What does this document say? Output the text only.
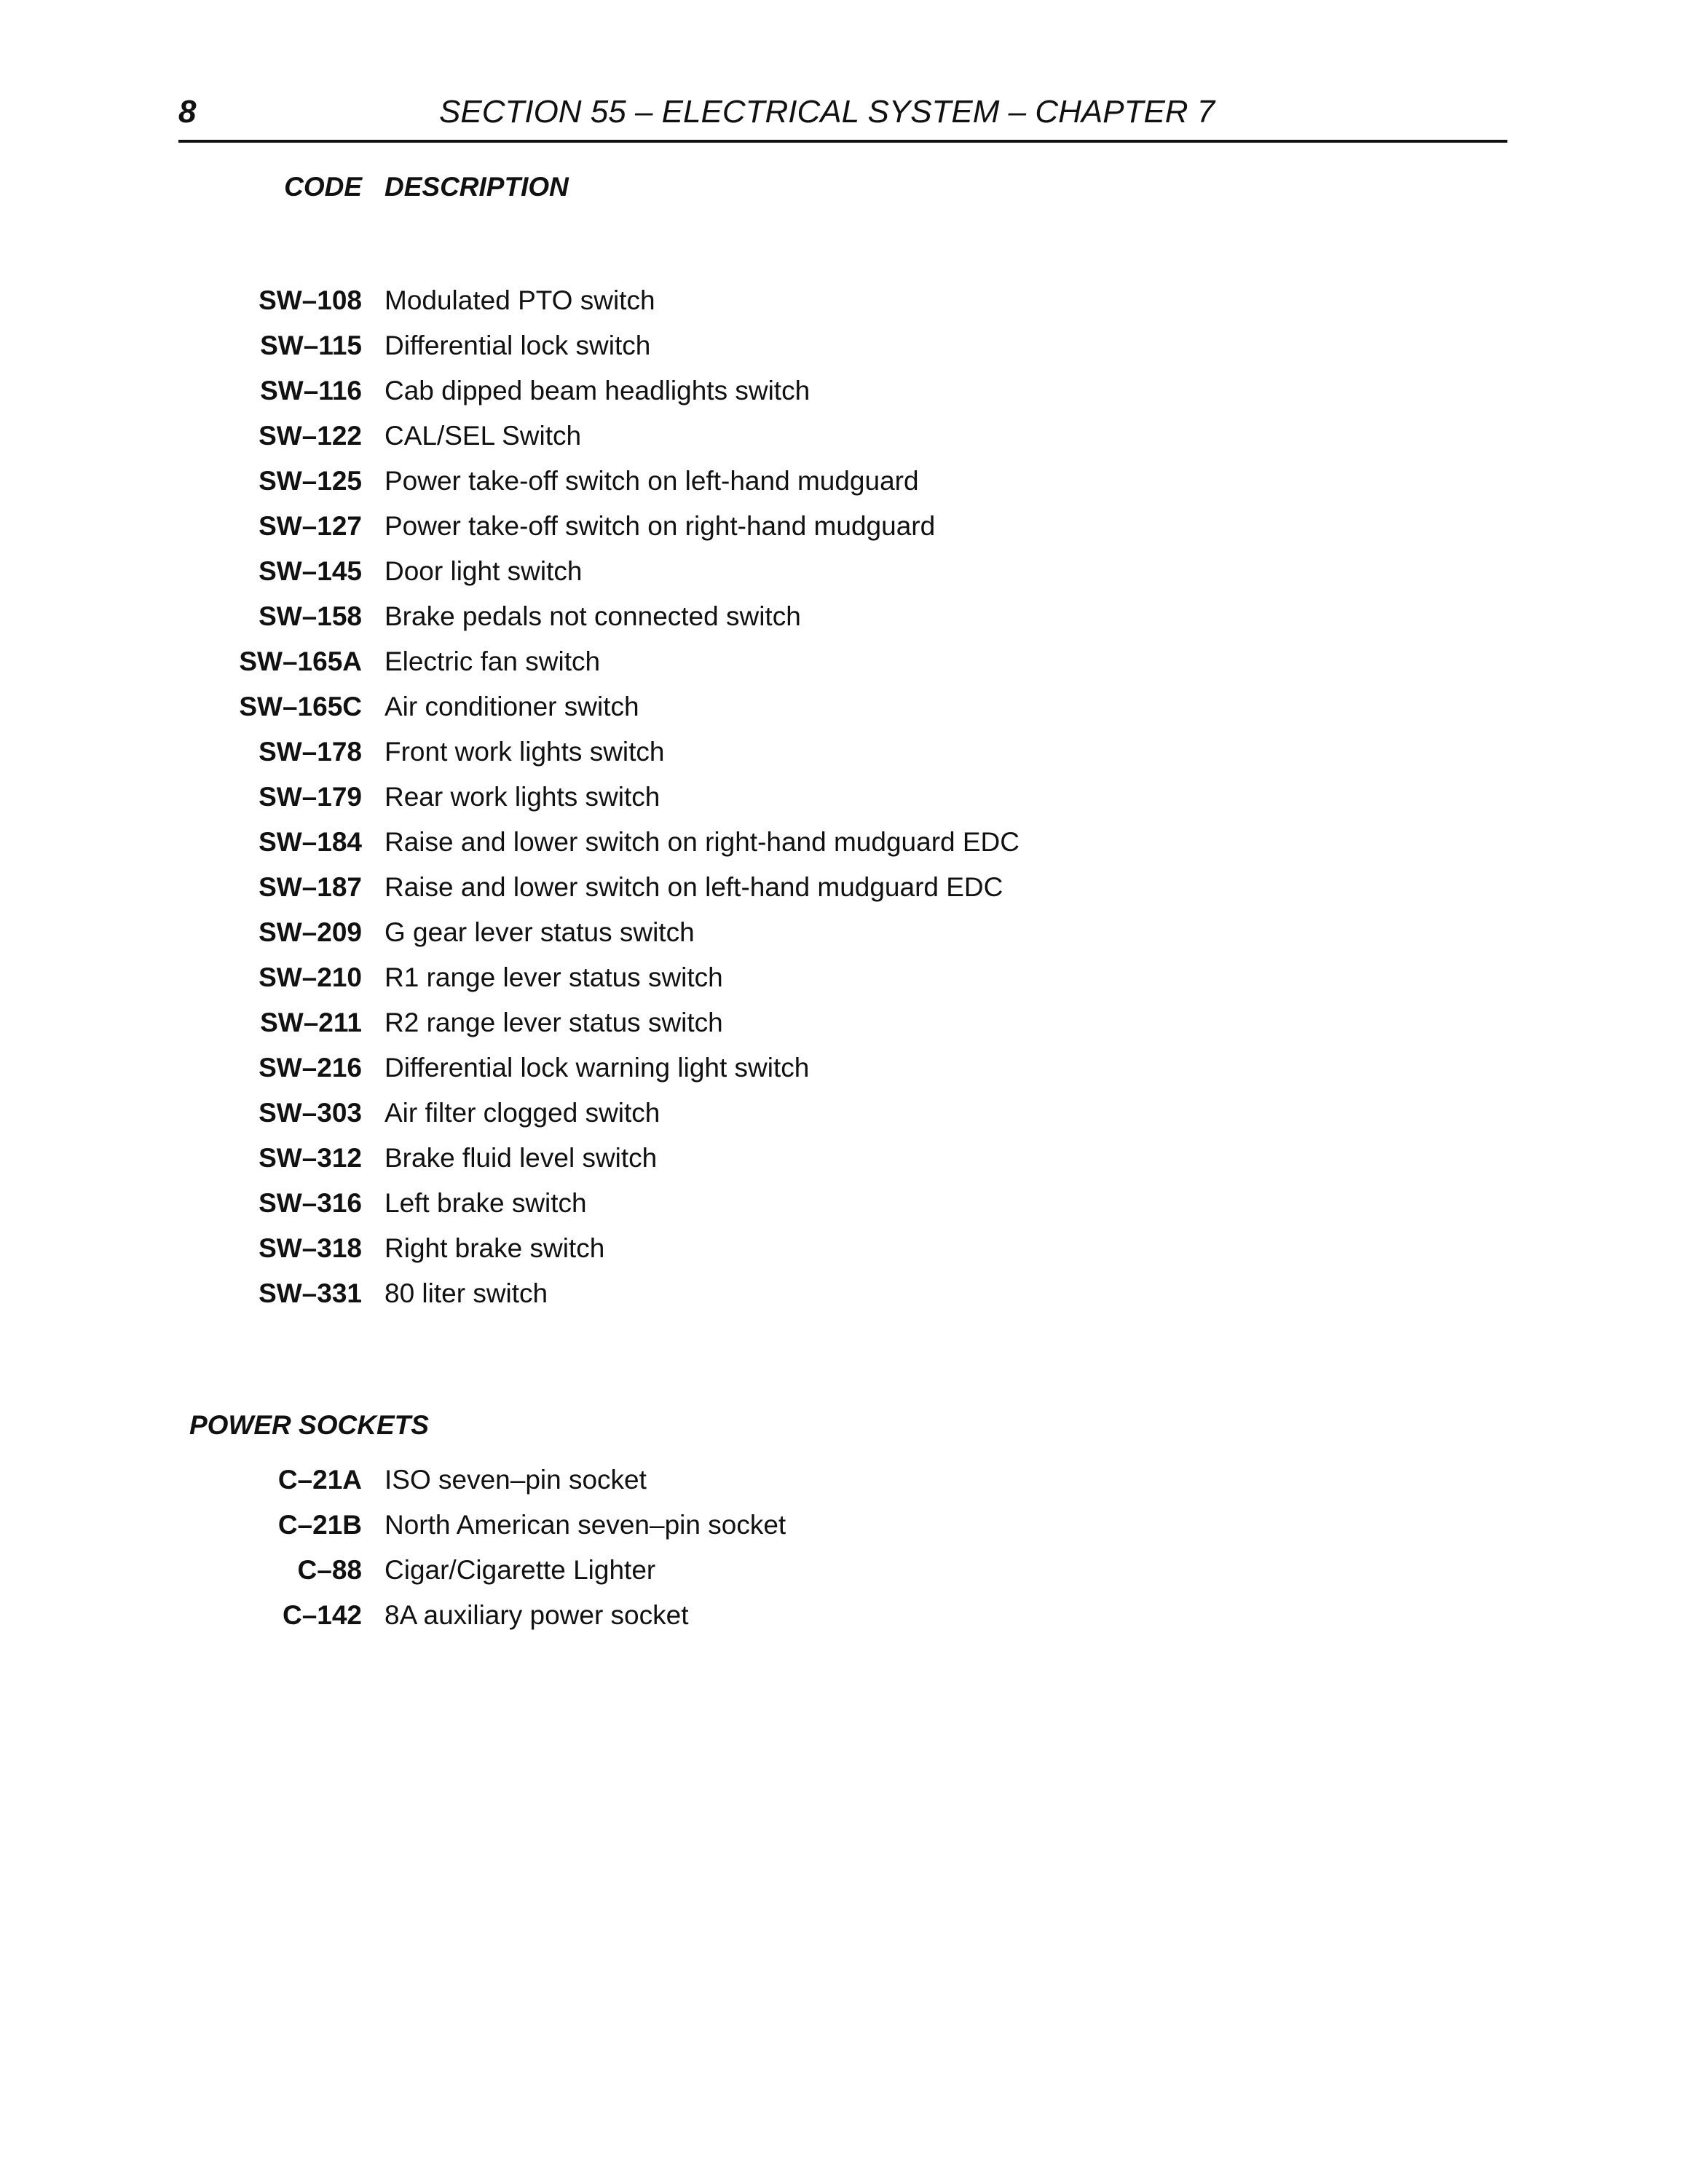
8	SECTION 55 – ELECTRICAL SYSTEM – CHAPTER 7
CODE DESCRIPTION
SW–108 Modulated PTO switch
SW–115 Differential lock switch
SW–116 Cab dipped beam headlights switch
SW–122 CAL/SEL Switch
SW–125 Power take-off switch on left-hand mudguard
SW–127 Power take-off switch on right-hand mudguard
SW–145 Door light switch
SW–158 Brake pedals not connected switch
SW–165A Electric fan switch
SW–165C Air conditioner switch
SW–178 Front work lights switch
SW–179 Rear work lights switch
SW–184 Raise and lower switch on right-hand mudguard EDC
SW–187 Raise and lower switch on left-hand mudguard EDC
SW–209 G gear lever status switch
SW–210 R1 range lever status switch
SW–211 R2 range lever status switch
SW–216 Differential lock warning light switch
SW–303 Air filter clogged switch
SW–312 Brake fluid level switch
SW–316 Left brake switch
SW–318 Right brake switch
SW–331 80 liter switch
POWER SOCKETS
C–21A ISO seven–pin socket
C–21B North American seven–pin socket
C–88 Cigar/Cigarette Lighter
C–142 8A auxiliary power socket
